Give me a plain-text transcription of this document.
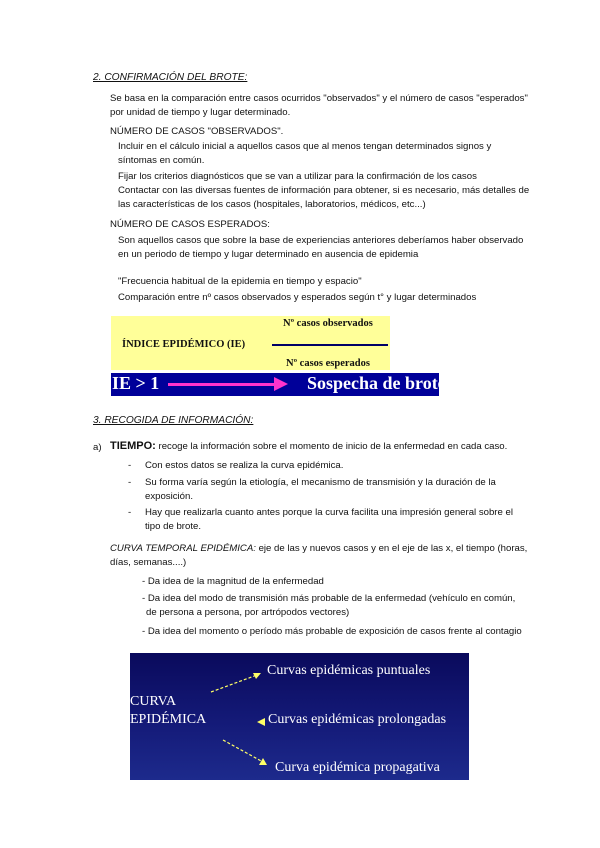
2. CONFIRMACIÓN DEL BROTE:
Se basa en la comparación entre casos ocurridos "observados" y el número de casos "esperados"
por unidad de tiempo y lugar determinado.
NÚMERO DE CASOS "OBSERVADOS".
Incluir en el cálculo inicial a aquellos casos que al menos tengan determinados signos y
síntomas en común.
Fijar los criterios diagnósticos que se van a utilizar para la confirmación de los casos
Contactar con las diversas fuentes de información para obtener, si es necesario, más detalles de
las características de los casos (hospitales, laboratorios, médicos, etc...)
NÚMERO DE CASOS ESPERADOS:
Son aquellos casos que sobre la base de experiencias anteriores deberíamos haber observado
en un periodo de tiempo y lugar determinado en ausencia de epidemia
"Frecuencia habitual de la epidemia en tiempo y espacio"
Comparación entre nº casos observados y esperados según t° y lugar determinados
Nº casos observados
ÍNDICE EPIDÉMICO (IE)
Nº casos esperados
IE > 1	Sospecha de brote
3. RECOGIDA DE INFORMACIÓN:
a) TIEMPO: recoge la información sobre el momento de inicio de la enfermedad en cada caso.
- Con estos datos se realiza la curva epidémica.
- Su forma varía según la etiología, el mecanismo de transmisión y la duración de la
exposición.
- Hay que realizarla cuanto antes porque la curva facilita una impresión general sobre el
tipo de brote.
CURVA TEMPORAL EPIDÉMICA: eje de las y nuevos casos y en el eje de las x, el tiempo (horas,
días, semanas....)
- Da idea de la magnitud de la enfermedad
- Da idea del modo de transmisión más probable de la enfermedad (vehículo en común,
de persona a persona, por artrópodos vectores)
- Da idea del momento o período más probable de exposición de casos frente al contagio
CURVA
EPIDÉMICA
Curvas epidémicas puntuales
Curvas epidémicas prolongadas
Curva epidémica propagativa
